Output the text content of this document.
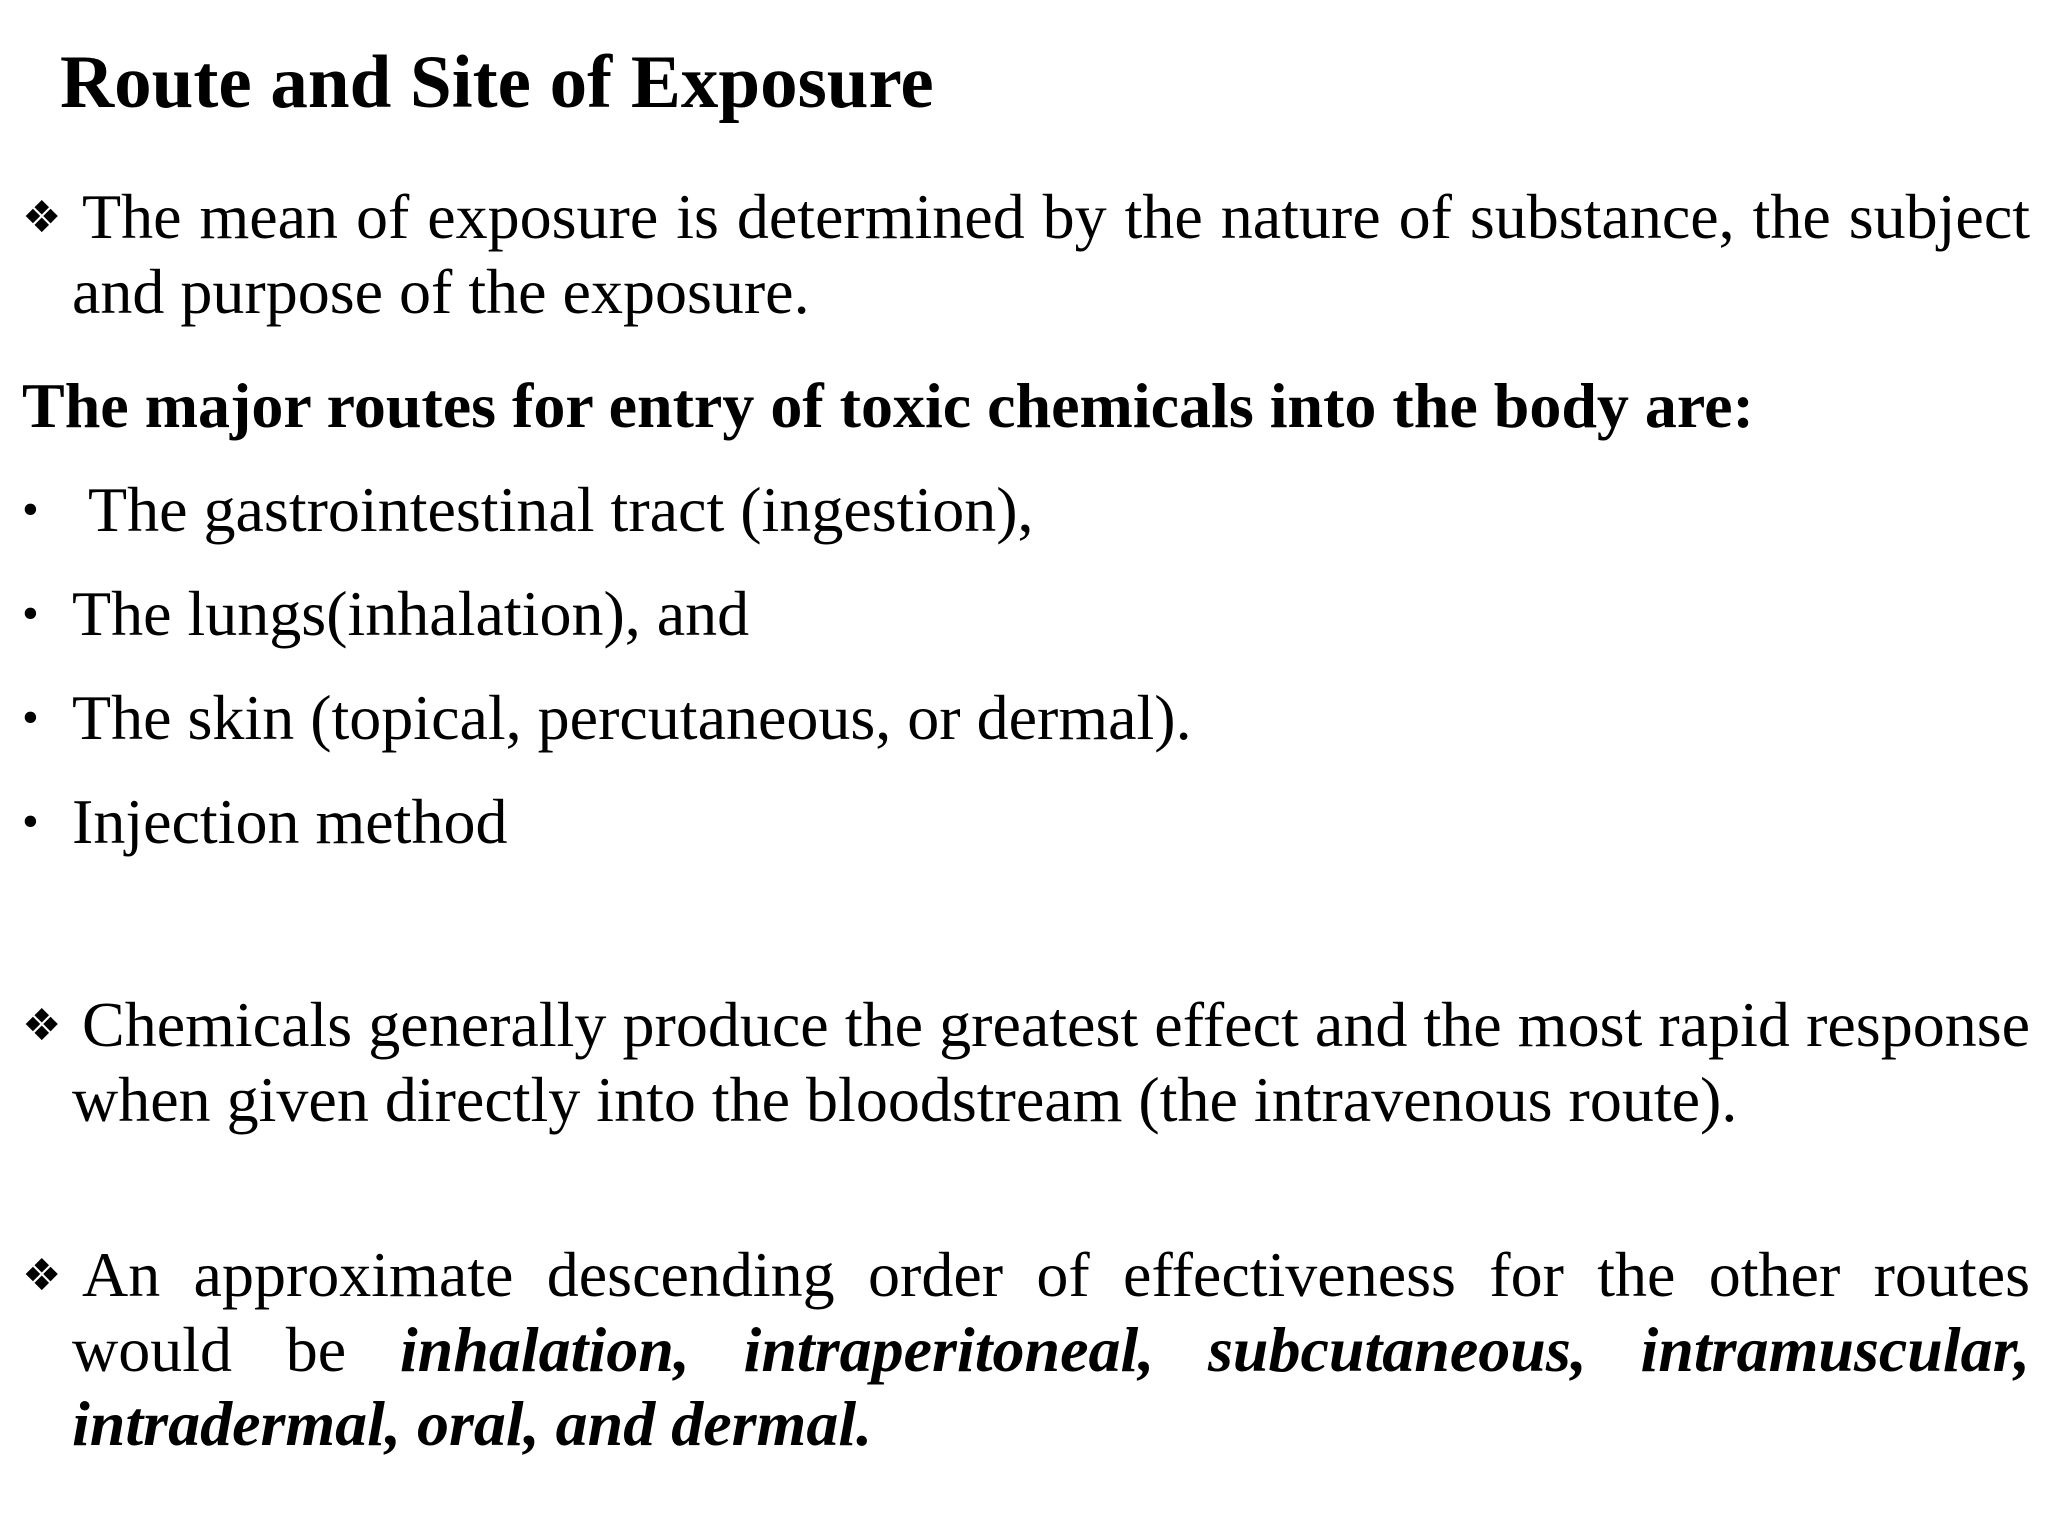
Route and Site of Exposure

❖ The mean of exposure is determined by the nature of substance, the subject and purpose of the exposure.

The major routes for entry of toxic chemicals into the body are:

• The gastrointestinal tract (ingestion),
• The lungs(inhalation), and
• The skin (topical, percutaneous, or dermal).
• Injection method

❖ Chemicals generally produce the greatest effect and the most rapid response when given directly into the bloodstream (the intravenous route).

❖ An approximate descending order of effectiveness for the other routes would be inhalation, intraperitoneal, subcutaneous, intramuscular, intradermal, oral, and dermal.
